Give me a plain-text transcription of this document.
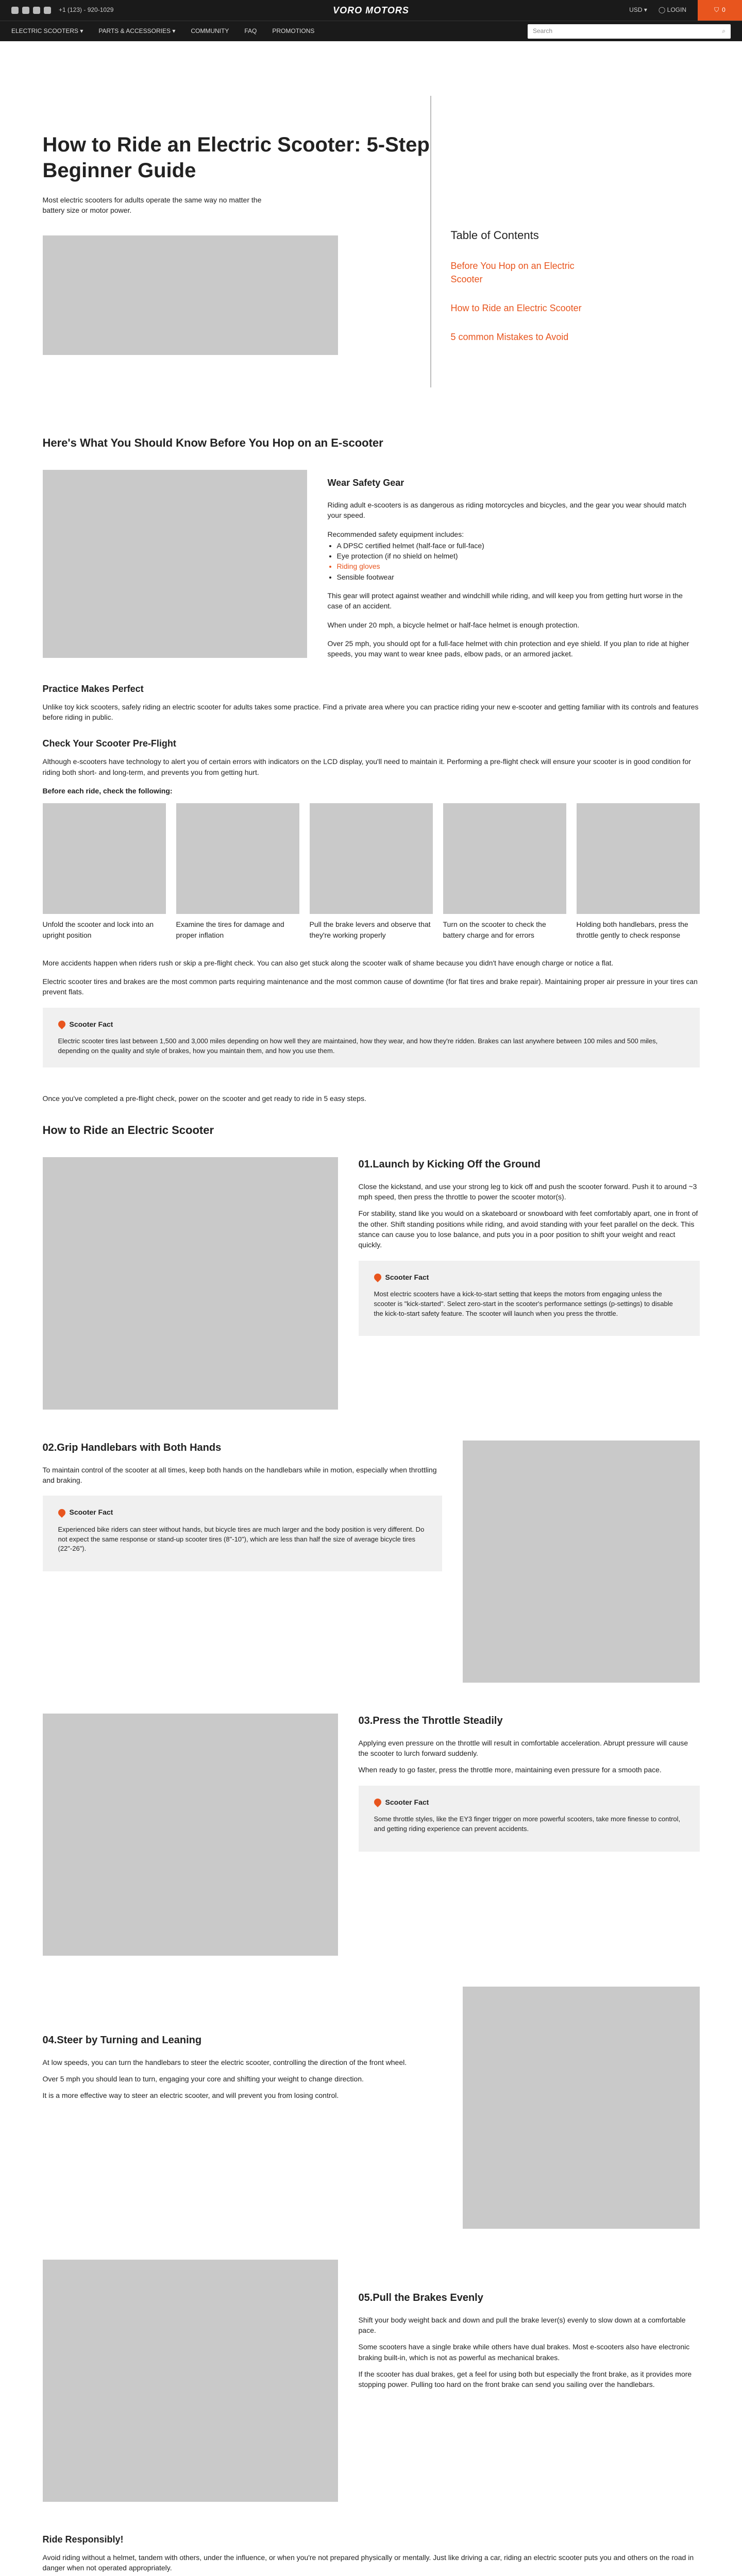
+1 (123) - 920-1029	VORO MOTORS	USD ▾ ◯ LOGIN	⛉ 0
ELECTRIC SCOOTERS ▾	PARTS & ACCESSORIES ▾	COMMUNITY	FAQ	PROMOTIONS	Search	⌕
How to Ride an Electric Scooter: 5-Step Beginner Guide

Most electric scooters for adults operate the same way no matter the battery size or motor power.

Table of Contents
Before You Hop on an Electric Scooter
How to Ride an Electric Scooter
5 common Mistakes to Avoid
Here's What You Should Know Before You Hop on an E-scooter
Wear Safety Gear

Riding adult e-scooters is as dangerous as riding motorcycles and bicycles, and the gear you wear should match your speed.

Recommended safety equipment includes:

• A DPSC certified helmet (half-face or full-face)
• Eye protection (if no shield on helmet)
• Riding gloves
• Sensible footwear

This gear will protect against weather and windchill while riding, and will keep you from getting hurt worse in the case of an accident.

When under 20 mph, a bicycle helmet or half-face helmet is enough protection.

Over 25 mph, you should opt for a full-face helmet with chin protection and eye shield. If you plan to ride at higher speeds, you may want to wear knee pads, elbow pads, or an armored jacket.

Practice Makes Perfect

Unlike toy kick scooters, safely riding an electric scooter for adults takes some practice. Find a private area where you can practice riding your new e-scooter and getting familiar with its controls and features before riding in public.

Check Your Scooter Pre-Flight

Although e-scooters have technology to alert you of certain errors with indicators on the LCD display, you'll need to maintain it. Performing a pre-flight check will ensure your scooter is in good condition for riding both short- and long-term, and prevents you from getting hurt.

Before each ride, check the following:

Unfold the scooter and lock into an upright position

Examine the tires for damage and proper inflation

Pull the brake levers and observe that they're working properly

Turn on the scooter to check the battery charge and for errors

Holding both handlebars, press the throttle gently to check response

More accidents happen when riders rush or skip a pre-flight check. You can also get stuck along the scooter walk of shame because you didn't have enough charge or notice a flat.

Electric scooter tires and brakes are the most common parts requiring maintenance and the most common cause of downtime (for flat tires and brake repair). Maintaining proper air pressure in your tires can prevent flats.

Scooter Fact

Electric scooter tires last between 1,500 and 3,000 miles depending on how well they are maintained, how they wear, and how they're ridden. Brakes can last anywhere between 100 miles and 500 miles, depending on the quality and style of brakes, how you maintain them, and how you use them.

Once you've completed a pre-flight check, power on the scooter and get ready to ride in 5 easy steps.

How to Ride an Electric Scooter
01.Launch by Kicking Off the Ground

Close the kickstand, and use your strong leg to kick off and push the scooter forward. Push it to around ~3 mph speed, then press the throttle to power the scooter motor(s).

For stability, stand like you would on a skateboard or snowboard with feet comfortably apart, one in front of the other. Shift standing positions while riding, and avoid standing with your feet parallel on the deck. This stance can cause you to lose balance, and puts you in a poor position to shift your weight and react quickly.

Scooter Fact

Most electric scooters have a kick-to-start setting that keeps the motors from engaging unless the scooter is "kick-started". Select zero-start in the scooter's performance settings (p-settings) to disable the kick-to-start safety feature. The scooter will launch when you press the throttle.

02.Grip Handlebars with Both Hands

To maintain control of the scooter at all times, keep both hands on the handlebars while in motion, especially when throttling and braking.

Scooter Fact

Experienced bike riders can steer without hands, but bicycle tires are much larger and the body position is very different. Do not expect the same response or stand-up scooter tires (8"-10"), which are less than half the size of average bicycle tires (22"-26").

03.Press the Throttle Steadily

Applying even pressure on the throttle will result in comfortable acceleration. Abrupt pressure will cause the scooter to lurch forward suddenly.

When ready to go faster, press the throttle more, maintaining even pressure for a smooth pace.

Scooter Fact

Some throttle styles, like the EY3 finger trigger on more powerful scooters, take more finesse to control, and getting riding experience can prevent accidents.

04.Steer by Turning and Leaning

At low speeds, you can turn the handlebars to steer the electric scooter, controlling the direction of the front wheel.

Over 5 mph you should lean to turn, engaging your core and shifting your weight to change direction.

It is a more effective way to steer an electric scooter, and will prevent you from losing control.

05.Pull the Brakes Evenly

Shift your body weight back and down and pull the brake lever(s) evenly to slow down at a comfortable pace.

Some scooters have a single brake while others have dual brakes. Most e-scooters also have electronic braking built-in, which is not as powerful as mechanical brakes.

If the scooter has dual brakes, get a feel for using both but especially the front brake, as it provides more stopping power. Pulling too hard on the front brake can send you sailing over the handlebars.

Ride Responsibly!

Avoid riding without a helmet, tandem with others, under the influence, or when you're not prepared physically or mentally. Just like driving a car, riding an electric scooter puts you and others on the road in danger when not operated appropriately.
